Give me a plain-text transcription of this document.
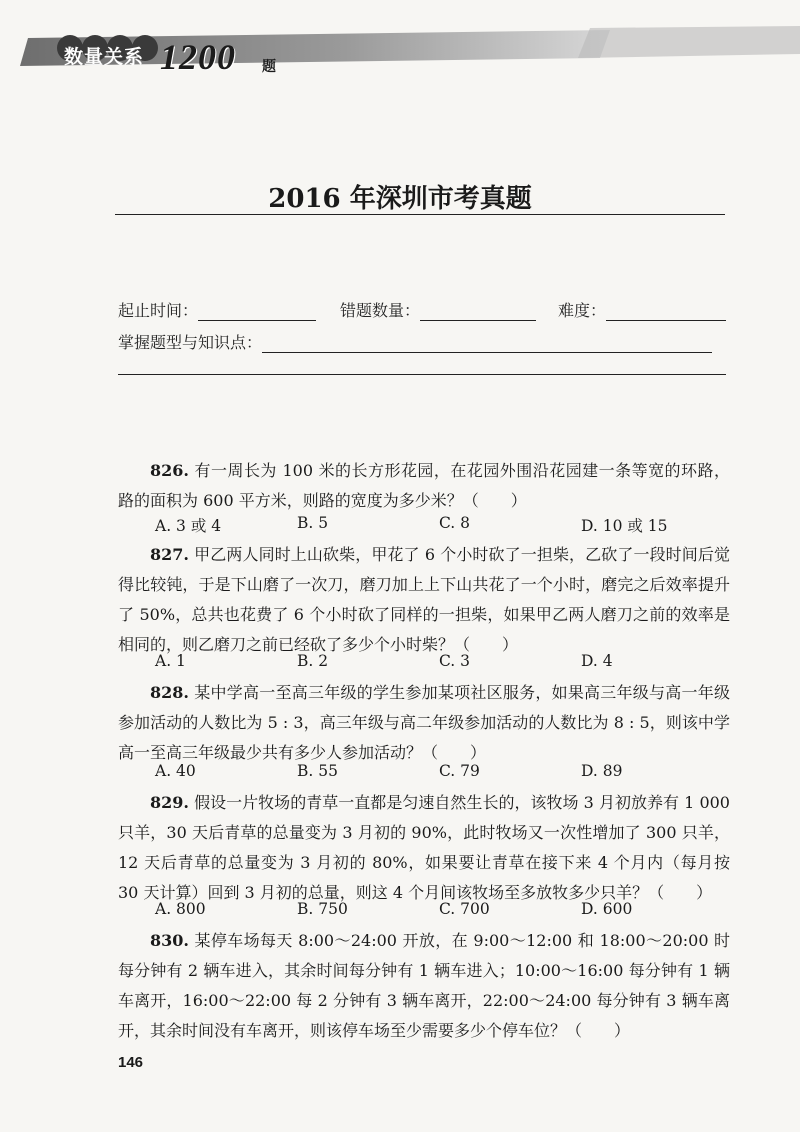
数量关系 1200 题
2016 年深圳市考真题
起止时间：	错题数量：	难度：
掌握题型与知识点：
826. 有一周长为 100 米的长方形花园，在花园外围沿花园建一条等宽的环路，路的面积为 600 平方米，则路的宽度为多少米？（　　）
A. 3 或 4	B. 5	C. 8	D. 10 或 15
827. 甲乙两人同时上山砍柴，甲花了 6 个小时砍了一担柴，乙砍了一段时间后觉得比较钝，于是下山磨了一次刀，磨刀加上上下山共花了一个小时，磨完之后效率提升了 50%，总共也花费了 6 个小时砍了同样的一担柴，如果甲乙两人磨刀之前的效率是相同的，则乙磨刀之前已经砍了多少个小时柴？（　　）
A. 1	B. 2	C. 3	D. 4
828. 某中学高一至高三年级的学生参加某项社区服务，如果高三年级与高一年级参加活动的人数比为 5 : 3，高三年级与高二年级参加活动的人数比为 8 : 5，则该中学高一至高三年级最少共有多少人参加活动？（　　）
A. 40	B. 55	C. 79	D. 89
829. 假设一片牧场的青草一直都是匀速自然生长的，该牧场 3 月初放养有 1 000 只羊，30 天后青草的总量变为 3 月初的 90%，此时牧场又一次性增加了 300 只羊，12 天后青草的总量变为 3 月初的 80%，如果要让青草在接下来 4 个月内（每月按 30 天计算）回到 3 月初的总量，则这 4 个月间该牧场至多放牧多少只羊？（　　）
A. 800	B. 750	C. 700	D. 600
830. 某停车场每天 8:00～24:00 开放，在 9:00～12:00 和 18:00～20:00 时每分钟有 2 辆车进入，其余时间每分钟有 1 辆车进入；10:00～16:00 每分钟有 1 辆车离开，16:00～22:00 每 2 分钟有 3 辆车离开，22:00～24:00 每分钟有 3 辆车离开，其余时间没有车离开，则该停车场至少需要多少个停车位？（　　）
146
